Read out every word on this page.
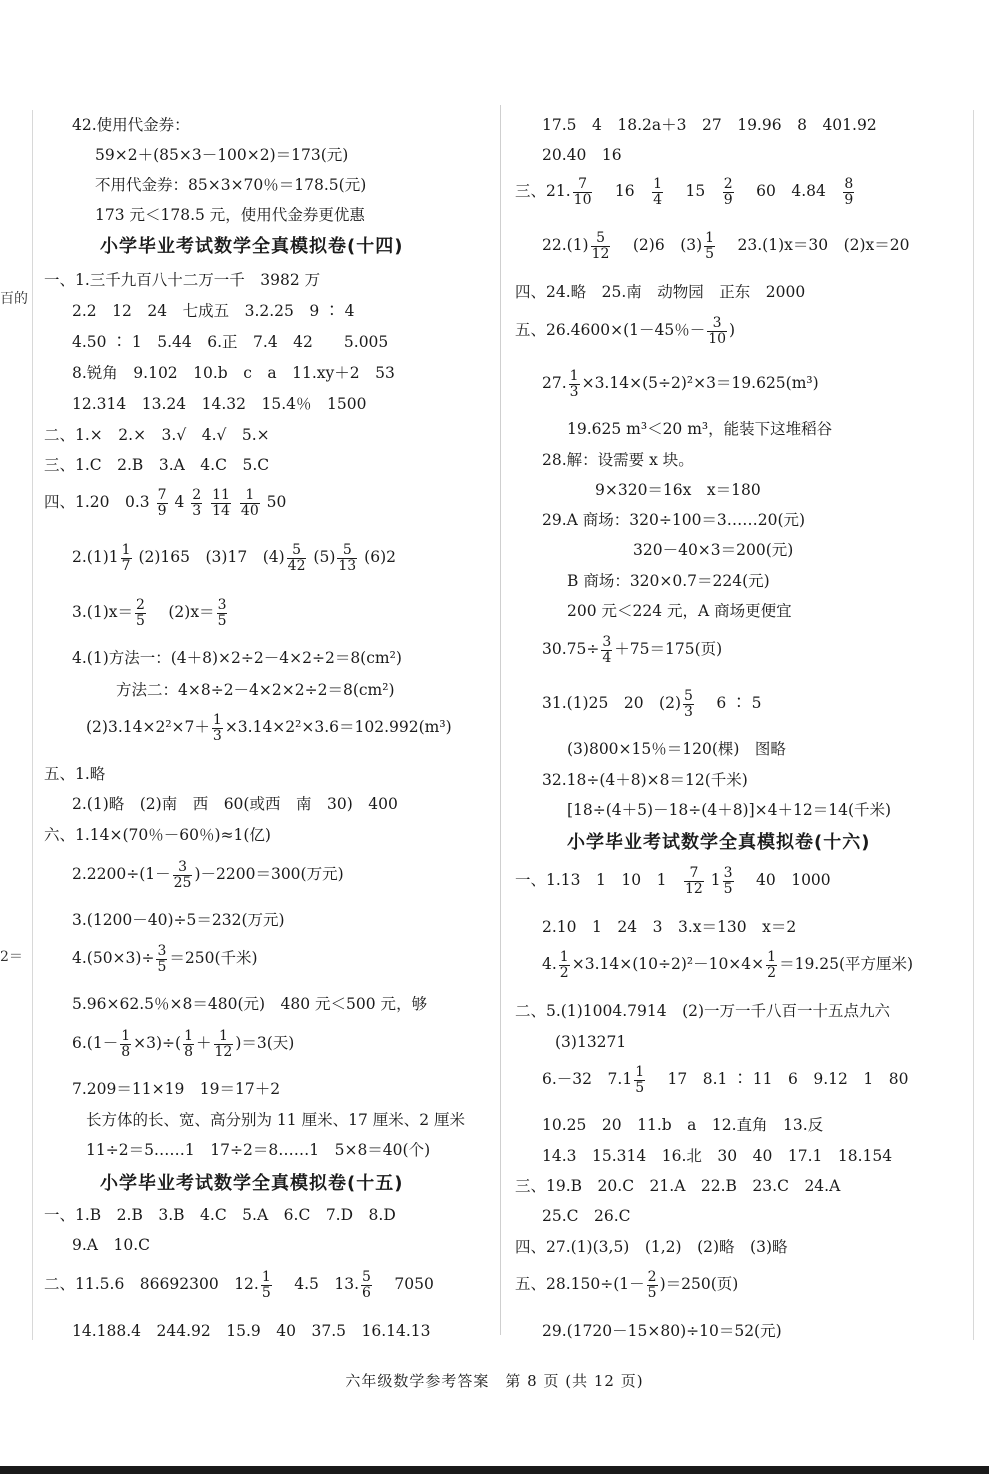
百的
2＝
42.使用代金券：
59×2＋(85×3－100×2)＝173(元)
不用代金券：85×3×70％＝178.5(元)
173 元＜178.5 元，使用代金券更优惠
小学毕业考试数学全真模拟卷(十四)
一、1.三千九百八十二万一千　3982 万
2.2　12　24　七成五　3.2.25　9 ∶ 4
4.50 ∶ 1　5.44　6.正　7.4　42　　5.005
8.锐角　9.102　10.b　c　a　11.xy＋2　53
12.314　13.24　14.32　15.4％　1500
二、1.×　2.×　3.√　4.√　5.×
三、1.C　2.B　3.A　4.C　5.C
四、1.20　$0.3 \frac{7}{9} 4 \frac{2}{3}$
$\frac{11}{14}$
$\frac{1}{40} 50$
$2.(1)1 \frac{1}{7} (2)165$　(3)17　$(4) \frac{5}{42} (5) \frac{5}{13} (6)2$
$3.(1)x= \frac{2}{5}$
　 $(2)x= \frac{3}{5}$
4.(1)方法一：(4＋8)×2÷2－4×2÷2＝8(cm²)
方法二：4×8÷2－4×2×2÷2＝8(cm²)
$(2)3.14\times 2^2\times 7+ \frac{1}{3} \times 3.14\times 2^2\times 3.6=102.992(m^3)$
五、1.略
2.(1)略　(2)南　西　60(或西　南　30)　400
六、1.14×(70％－60％)≈1(亿)
$2.2200\div(1- \frac{3}{25} )-2200=300$(万元)
3.(1200－40)÷5＝232(万元)
$4.(50\times 3)\div \frac{3}{5} =250$(千米)
5.96×62.5％×8＝480(元)　480 元＜500 元，够
$6.(1- \frac{1}{8} \times 3)\div( \frac{1}{8} + \frac{1}{12} )=3$(天)
7.209＝11×19　19＝17＋2
长方体的长、宽、高分别为 11 厘米、17 厘米、2 厘米
11÷2＝5……1　17÷2＝8……1　5×8＝40(个)
小学毕业考试数学全真模拟卷(十五)
一、1.B　2.B　3.B　4.C　5.A　6.C　7.D　8.D
9.A　10.C
二、11.5.6　86692300　12. $\frac{1}{5}$
　 4.5　13. $\frac{5}{6}$
　 7050
14.188.4　244.92　15.9　40　37.5　16.14.13
17.5　4　18.2a＋3　27　19.96　8　401.92
20.40　16
三、21. $\frac{7}{10}$
　 16　 $\frac{1}{4}$
　 15　 $\frac{2}{9}$
　 60　4.84　 $\frac{8}{9}$
$22.(1) \frac{5}{12}$
　 (2)6　$(3) \frac{1}{5}$
　 23.(1)x＝30　(2)x＝20
四、24.略　25.南　动物园　正东　2000
五、26.4600×(1－45％－ $\frac{3}{10}$ )
27. $\frac{1}{3} \times 3.14\times(5\div 2)^2\times 3=19.625(m^3)$
19.625 m³＜20 m³，能装下这堆稻谷
28.解：设需要 x 块。
9×320＝16x　x＝180
29.A 商场：320÷100＝3……20(元)
320－40×3＝200(元)
B 商场：320×0.7＝224(元)
200 元＜224 元，A 商场更便宜
$30.75\div \frac{3}{4} +75=175$(页)
31.(1)25　20　$(2) \frac{5}{3}$
　 6 ∶ 5
(3)800×15％＝120(棵)　图略
32.18÷(4＋8)×8＝12(千米)
[18÷(4＋5)－18÷(4＋8)]×4＋12＝14(千米)
小学毕业考试数学全真模拟卷(十六)
一、1.13　1　10　1　 $\frac{7}{12} 1 \frac{3}{5}$
　 40　1000
2.10　1　24　3　3.x＝130　x＝2
4. $\frac{1}{2} \times 3.14\times(10\div 2)^2-10\times 4\times \frac{1}{2} =19.25$(平方厘米)
二、5.(1)1004.7914　(2)一万一千八百一十五点九六
(3)13271
6.－32　$7.1 \frac{1}{5}$
　 17　8.1 ∶ 11　6　9.12　1　80
10.25　20　11.b　a　12.直角　13.反
14.3　15.314　16.北　30　40　17.1　18.154
三、19.B　20.C　21.A　22.B　23.C　24.A
25.C　26.C
四、27.(1)(3,5)　(1,2)　(2)略　(3)略
五、$28.150\div(1- \frac{2}{5} )=250$(页)
29.(1720－15×80)÷10＝52(元)
六年级数学参考答案　第 8 页 (共 12 页)
